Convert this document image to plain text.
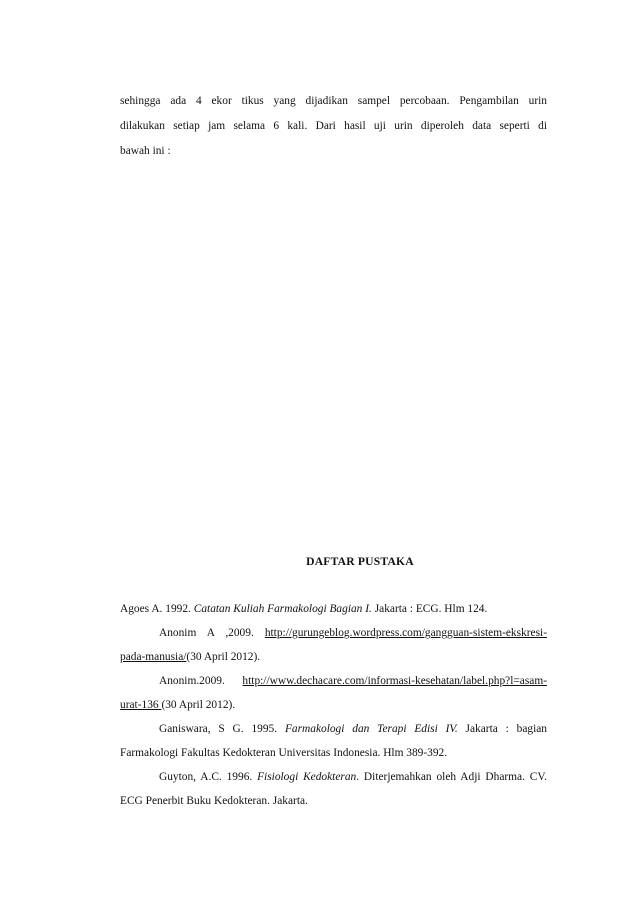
sehingga ada 4 ekor tikus yang dijadikan sampel percobaan. Pengambilan urin
dilakukan setiap jam selama 6 kali. Dari hasil uji urin diperoleh data seperti di
bawah ini :
DAFTAR PUSTAKA

Agoes A. 1992. Catatan Kuliah Farmakologi Bagian I. Jakarta : ECG. Hlm 124.

Anonim A ,2009. http://gurungeblog.wordpress.com/gangguan-sistem-ekskresi-
pada-manusia/(30 April 2012).

Anonim.2009. http://www.dechacare.com/informasi-kesehatan/label.php?l=asam-
urat-136 (30 April 2012).

Ganiswara, S G. 1995. Farmakologi dan Terapi Edisi IV. Jakarta : bagian
Farmakologi Fakultas Kedokteran Universitas Indonesia. Hlm 389-392.

Guyton, A.C. 1996. Fisiologi Kedokteran. Diterjemahkan oleh Adji Dharma. CV.
ECG Penerbit Buku Kedokteran. Jakarta.
